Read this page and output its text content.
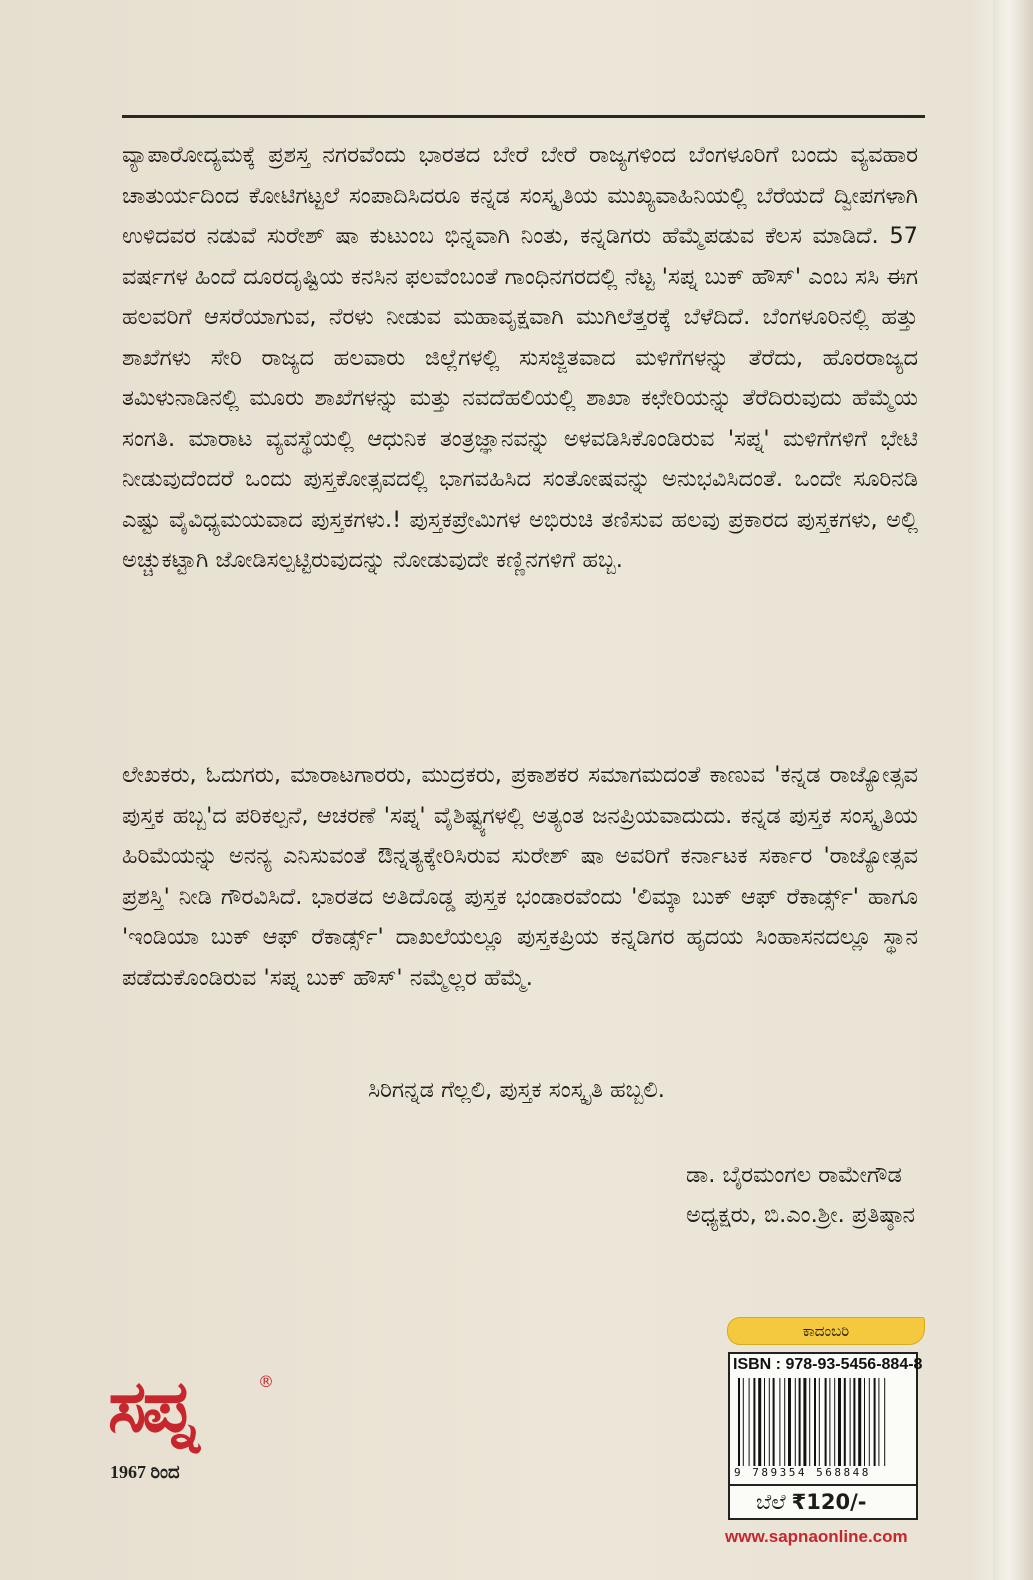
ವ್ಯಾಪಾರೋದ್ಯಮಕ್ಕೆ ಪ್ರಶಸ್ತ ನಗರವೆಂದು ಭಾರತದ ಬೇರೆ ಬೇರೆ ರಾಜ್ಯಗಳಿಂದ ಬೆಂಗಳೂರಿಗೆ ಬಂದು ವ್ಯವಹಾರ ಚಾತುರ್ಯದಿಂದ ಕೋಟಿಗಟ್ಟಲೆ ಸಂಪಾದಿಸಿದರೂ ಕನ್ನಡ ಸಂಸ್ಕೃತಿಯ ಮುಖ್ಯವಾಹಿನಿಯಲ್ಲಿ ಬೆರೆಯದೆ ದ್ವೀಪಗಳಾಗಿ ಉಳಿದವರ ನಡುವೆ ಸುರೇಶ್ ಷಾ ಕುಟುಂಬ ಭಿನ್ನವಾಗಿ ನಿಂತು, ಕನ್ನಡಿಗರು ಹೆಮ್ಮೆಪಡುವ ಕೆಲಸ ಮಾಡಿದೆ. 57 ವರ್ಷಗಳ ಹಿಂದೆ ದೂರದೃಷ್ಟಿಯ ಕನಸಿನ ಫಲವೆಂಬಂತೆ ಗಾಂಧಿನಗರದಲ್ಲಿ ನೆಟ್ಟ 'ಸಪ್ನ ಬುಕ್ ಹೌಸ್' ಎಂಬ ಸಸಿ ಈಗ ಹಲವರಿಗೆ ಆಸರೆಯಾಗುವ, ನೆರಳು ನೀಡುವ ಮಹಾವೃಕ್ಷವಾಗಿ ಮುಗಿಲೆತ್ತರಕ್ಕೆ ಬೆಳೆದಿದೆ. ಬೆಂಗಳೂರಿನಲ್ಲಿ ಹತ್ತು ಶಾಖೆಗಳು ಸೇರಿ ರಾಜ್ಯದ ಹಲವಾರು ಜಿಲ್ಲೆಗಳಲ್ಲಿ ಸುಸಜ್ಜಿತವಾದ ಮಳಿಗೆಗಳನ್ನು ತೆರೆದು, ಹೊರರಾಜ್ಯದ ತಮಿಳುನಾಡಿನಲ್ಲಿ ಮೂರು ಶಾಖೆಗಳನ್ನು ಮತ್ತು ನವದೆಹಲಿಯಲ್ಲಿ ಶಾಖಾ ಕಛೇರಿಯನ್ನು ತೆರೆದಿರುವುದು ಹೆಮ್ಮೆಯ ಸಂಗತಿ. ಮಾರಾಟ ವ್ಯವಸ್ಥೆಯಲ್ಲಿ ಆಧುನಿಕ ತಂತ್ರಜ್ಞಾನವನ್ನು ಅಳವಡಿಸಿಕೊಂಡಿರುವ 'ಸಪ್ನ' ಮಳಿಗೆಗಳಿಗೆ ಭೇಟಿ ನೀಡುವುದೆಂದರೆ ಒಂದು ಪುಸ್ತಕೋತ್ಸವದಲ್ಲಿ ಭಾಗವಹಿಸಿದ ಸಂತೋಷವನ್ನು ಅನುಭವಿಸಿದಂತೆ. ಒಂದೇ ಸೂರಿನಡಿ ಎಷ್ಟು ವೈವಿಧ್ಯಮಯವಾದ ಪುಸ್ತಕಗಳು.! ಪುಸ್ತಕಪ್ರೇಮಿಗಳ ಅಭಿರುಚಿ ತಣಿಸುವ ಹಲವು ಪ್ರಕಾರದ ಪುಸ್ತಕಗಳು, ಅಲ್ಲಿ ಅಚ್ಚುಕಟ್ಟಾಗಿ ಜೋಡಿಸಲ್ಪಟ್ಟಿರುವುದನ್ನು ನೋಡುವುದೇ ಕಣ್ಣಿನಗಳಿಗೆ ಹಬ್ಬ.

ಲೇಖಕರು, ಓದುಗರು, ಮಾರಾಟಗಾರರು, ಮುದ್ರಕರು, ಪ್ರಕಾಶಕರ ಸಮಾಗಮದಂತೆ ಕಾಣುವ 'ಕನ್ನಡ ರಾಜ್ಯೋತ್ಸವ ಪುಸ್ತಕ ಹಬ್ಬ'ದ ಪರಿಕಲ್ಪನೆ, ಆಚರಣೆ 'ಸಪ್ನ' ವೈಶಿಷ್ಟ್ಯಗಳಲ್ಲಿ ಅತ್ಯಂತ ಜನಪ್ರಿಯವಾದುದು. ಕನ್ನಡ ಪುಸ್ತಕ ಸಂಸ್ಕೃತಿಯ ಹಿರಿಮೆಯನ್ನು ಅನನ್ಯ ಎನಿಸುವಂತೆ ಔನ್ನತ್ಯಕ್ಕೇರಿಸಿರುವ ಸುರೇಶ್ ಷಾ ಅವರಿಗೆ ಕರ್ನಾಟಕ ಸರ್ಕಾರ 'ರಾಜ್ಯೋತ್ಸವ ಪ್ರಶಸ್ತಿ' ನೀಡಿ ಗೌರವಿಸಿದೆ. ಭಾರತದ ಅತಿದೊಡ್ಡ ಪುಸ್ತಕ ಭಂಡಾರವೆಂದು 'ಲಿಮ್ಕಾ ಬುಕ್ ಆಫ್ ರೆಕಾರ್ಡ್ಸ್' ಹಾಗೂ 'ಇಂಡಿಯಾ ಬುಕ್ ಆಫ್ ರೆಕಾರ್ಡ್ಸ್' ದಾಖಲೆಯಲ್ಲೂ ಪುಸ್ತಕಪ್ರಿಯ ಕನ್ನಡಿಗರ ಹೃದಯ ಸಿಂಹಾಸನದಲ್ಲೂ ಸ್ಥಾನ ಪಡೆದುಕೊಂಡಿರುವ 'ಸಪ್ನ ಬುಕ್ ಹೌಸ್' ನಮ್ಮೆಲ್ಲರ ಹೆಮ್ಮೆ.

ಸಿರಿಗನ್ನಡ ಗೆಲ್ಲಲಿ, ಪುಸ್ತಕ ಸಂಸ್ಕೃತಿ ಹಬ್ಬಲಿ.

ಡಾ. ಬೈರಮಂಗಲ ರಾಮೇಗೌಡ
ಅಧ್ಯಕ್ಷರು, ಬಿ.ಎಂ.ಶ್ರೀ. ಪ್ರತಿಷ್ಠಾನ
ಸಪ್ನ	®
1967 ರಿಂದ
ಕಾದಂಬರಿ
ISBN : 978-93-5456-884-8
9 789354 568848
ಬೆಲೆ ₹120/-
www.sapnaonline.com
